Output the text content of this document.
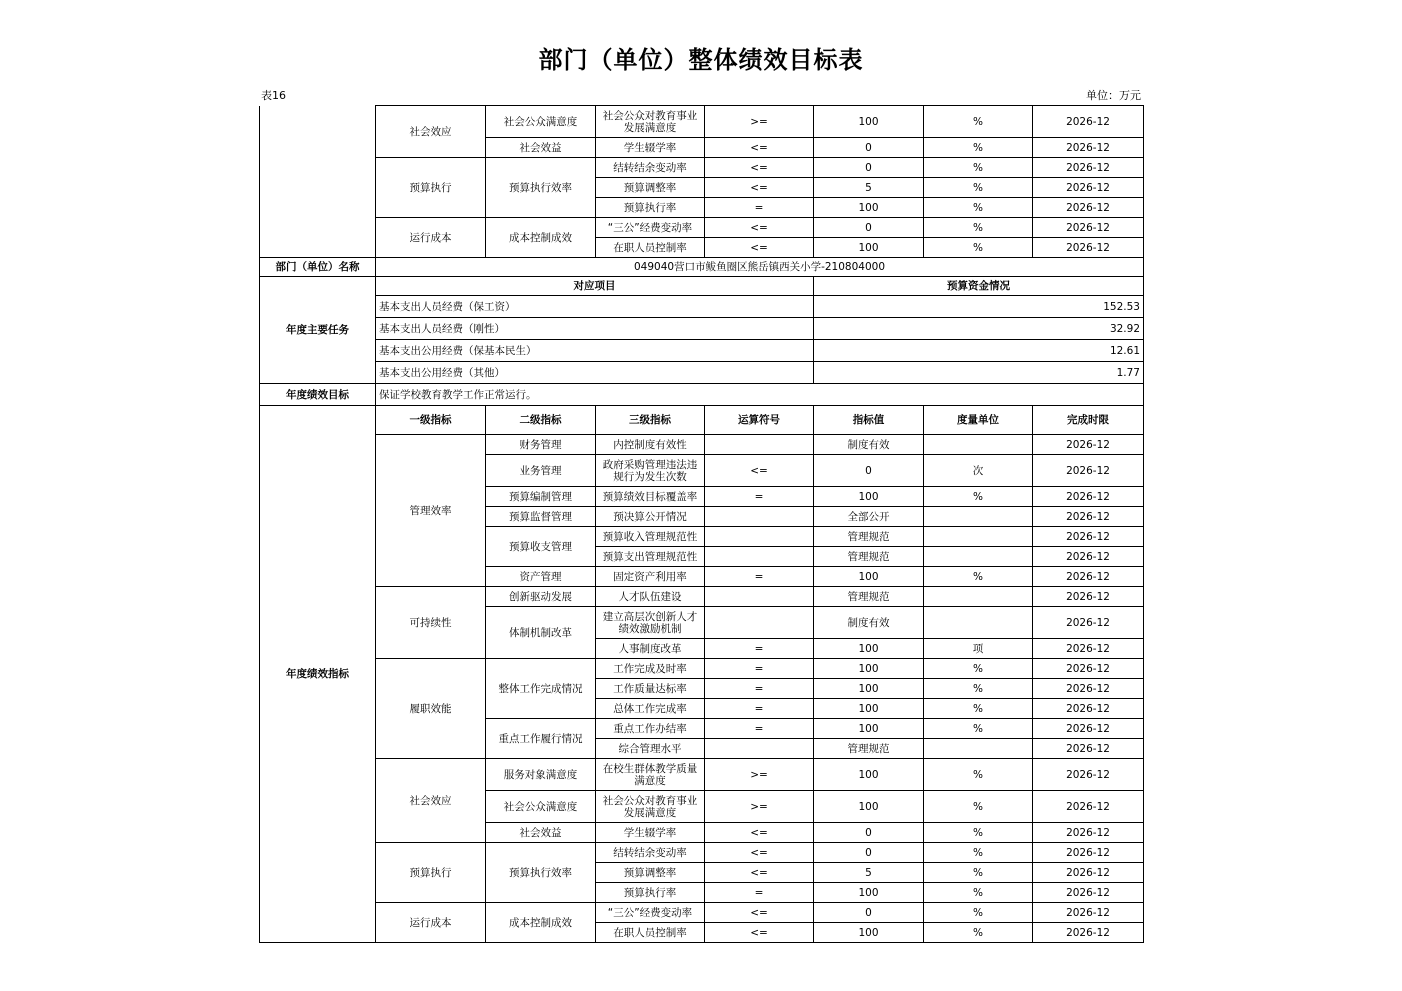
部门（单位）整体绩效目标表
表16	单位：万元
	社会效应	社会公众满意度	社会公众对教育事业发展满意度	>=	100	%	2026-12
		社会效益	学生辍学率	<=	0	%	2026-12
	预算执行	预算执行效率	结转结余变动率	<=	0	%	2026-12
			预算调整率	<=	5	%	2026-12
			预算执行率	=	100	%	2026-12
	运行成本	成本控制成效	“三公”经费变动率	<=	0	%	2026-12
			在职人员控制率	<=	100	%	2026-12
部门（单位）名称	049040营口市鲅鱼圈区熊岳镇西关小学-210804000						
年度主要任务	对应项目				预算资金情况		
	基本支出人员经费（保工资）				152.53		
	基本支出人员经费（刚性）				32.92		
	基本支出公用经费（保基本民生）				12.61		
	基本支出公用经费（其他）				1.77		
年度绩效目标	保证学校教育教学工作正常运行。						
年度绩效指标	一级指标	二级指标	三级指标	运算符号	指标值	度量单位	完成时限
	管理效率	财务管理	内控制度有效性		制度有效		2026-12
		业务管理	政府采购管理违法违规行为发生次数	<=	0	次	2026-12
		预算编制管理	预算绩效目标覆盖率	=	100	%	2026-12
		预算监督管理	预决算公开情况		全部公开		2026-12
		预算收支管理	预算收入管理规范性		管理规范		2026-12
			预算支出管理规范性		管理规范		2026-12
		资产管理	固定资产利用率	=	100	%	2026-12
	可持续性	创新驱动发展	人才队伍建设		管理规范		2026-12
		体制机制改革	建立高层次创新人才绩效激励机制		制度有效		2026-12
			人事制度改革	=	100	项	2026-12
	履职效能	整体工作完成情况	工作完成及时率	=	100	%	2026-12
			工作质量达标率	=	100	%	2026-12
			总体工作完成率	=	100	%	2026-12
		重点工作履行情况	重点工作办结率	=	100	%	2026-12
			综合管理水平		管理规范		2026-12
	社会效应	服务对象满意度	在校生群体教学质量满意度	>=	100	%	2026-12
		社会公众满意度	社会公众对教育事业发展满意度	>=	100	%	2026-12
		社会效益	学生辍学率	<=	0	%	2026-12
	预算执行	预算执行效率	结转结余变动率	<=	0	%	2026-12
			预算调整率	<=	5	%	2026-12
			预算执行率	=	100	%	2026-12
	运行成本	成本控制成效	“三公”经费变动率	<=	0	%	2026-12
			在职人员控制率	<=	100	%	2026-12
